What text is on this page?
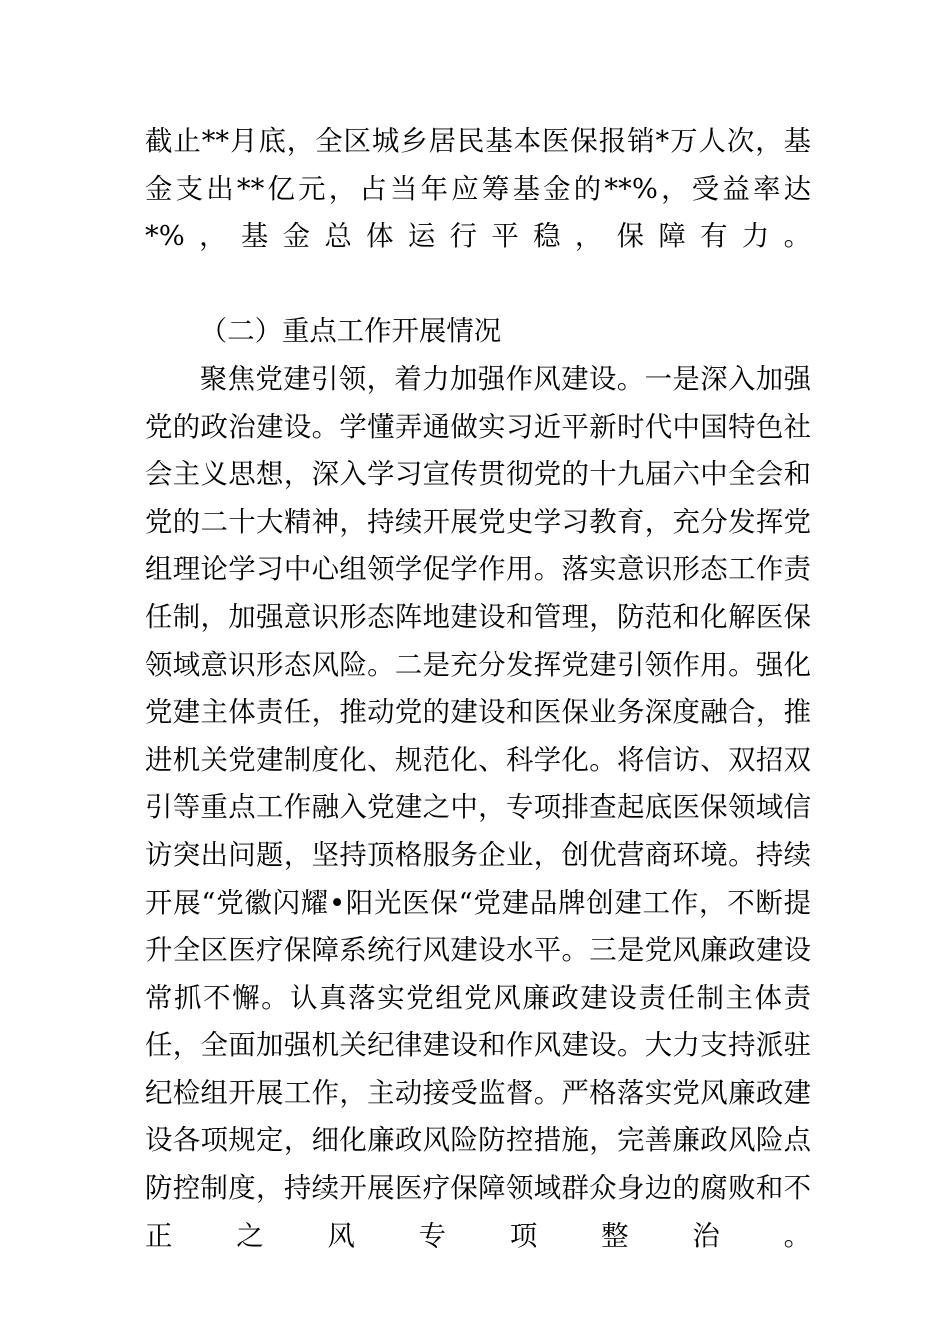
截止**月底，全区城乡居民基本医保报销*万人次，基金支出**亿元，占当年应筹基金的**%，受益率达*%，基金总体运行平稳，保障有力。

（二）重点工作开展情况

聚焦党建引领，着力加强作风建设。一是深入加强党的政治建设。学懂弄通做实习近平新时代中国特色社会主义思想，深入学习宣传贯彻党的十九届六中全会和党的二十大精神，持续开展党史学习教育，充分发挥党组理论学习中心组领学促学作用。落实意识形态工作责任制，加强意识形态阵地建设和管理，防范和化解医保领域意识形态风险。二是充分发挥党建引领作用。强化党建主体责任，推动党的建设和医保业务深度融合，推进机关党建制度化、规范化、科学化。将信访、双招双引等重点工作融入党建之中，专项排查起底医保领域信访突出问题，坚持顶格服务企业，创优营商环境。持续开展“党徽闪耀•阳光医保“党建品牌创建工作，不断提升全区医疗保障系统行风建设水平。三是党风廉政建设常抓不懈。认真落实党组党风廉政建设责任制主体责任，全面加强机关纪律建设和作风建设。大力支持派驻纪检组开展工作，主动接受监督。严格落实党风廉政建设各项规定，细化廉政风险防控措施，完善廉政风险点防控制度，持续开展医疗保障领域群众身边的腐败和不正之风专项整治。
